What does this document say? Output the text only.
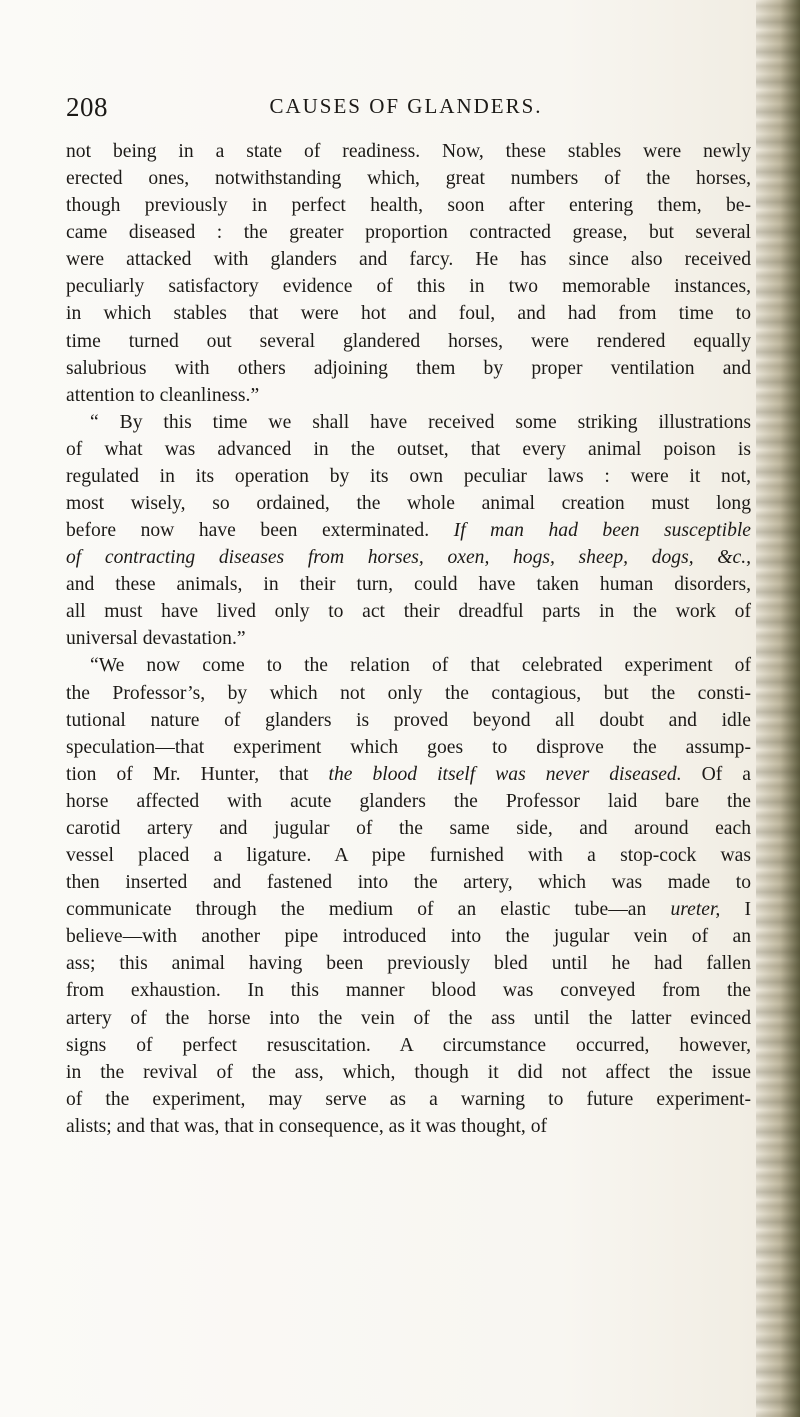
208	CAUSES OF GLANDERS.
not being in a state of readiness. Now, these stables were newly
erected ones, notwithstanding which, great numbers of the horses,
though previously in perfect health, soon after entering them, be-
came diseased : the greater proportion contracted grease, but several
were attacked with glanders and farcy. He has since also received
peculiarly satisfactory evidence of this in two memorable instances,
in which stables that were hot and foul, and had from time to
time turned out several glandered horses, were rendered equally
salubrious with others adjoining them by proper ventilation and
attention to cleanliness.”
“ By this time we shall have received some striking illustrations
of what was advanced in the outset, that every animal poison is
regulated in its operation by its own peculiar laws : were it not,
most wisely, so ordained, the whole animal creation must long
before now have been exterminated. If man had been susceptible
of contracting diseases from horses, oxen, hogs, sheep, dogs, &c.,
and these animals, in their turn, could have taken human disorders,
all must have lived only to act their dreadful parts in the work of
universal devastation.”
“We now come to the relation of that celebrated experiment of
the Professor’s, by which not only the contagious, but the consti-
tutional nature of glanders is proved beyond all doubt and idle
speculation—that experiment which goes to disprove the assump-
tion of Mr. Hunter, that the blood itself was never diseased. Of a
horse affected with acute glanders the Professor laid bare the
carotid artery and jugular of the same side, and around each
vessel placed a ligature. A pipe furnished with a stop-cock was
then inserted and fastened into the artery, which was made to
communicate through the medium of an elastic tube—an ureter, I
believe—with another pipe introduced into the jugular vein of an
ass; this animal having been previously bled until he had fallen
from exhaustion. In this manner blood was conveyed from the
artery of the horse into the vein of the ass until the latter evinced
signs of perfect resuscitation. A circumstance occurred, however,
in the revival of the ass, which, though it did not affect the issue
of the experiment, may serve as a warning to future experiment-
alists; and that was, that in consequence, as it was thought, of
